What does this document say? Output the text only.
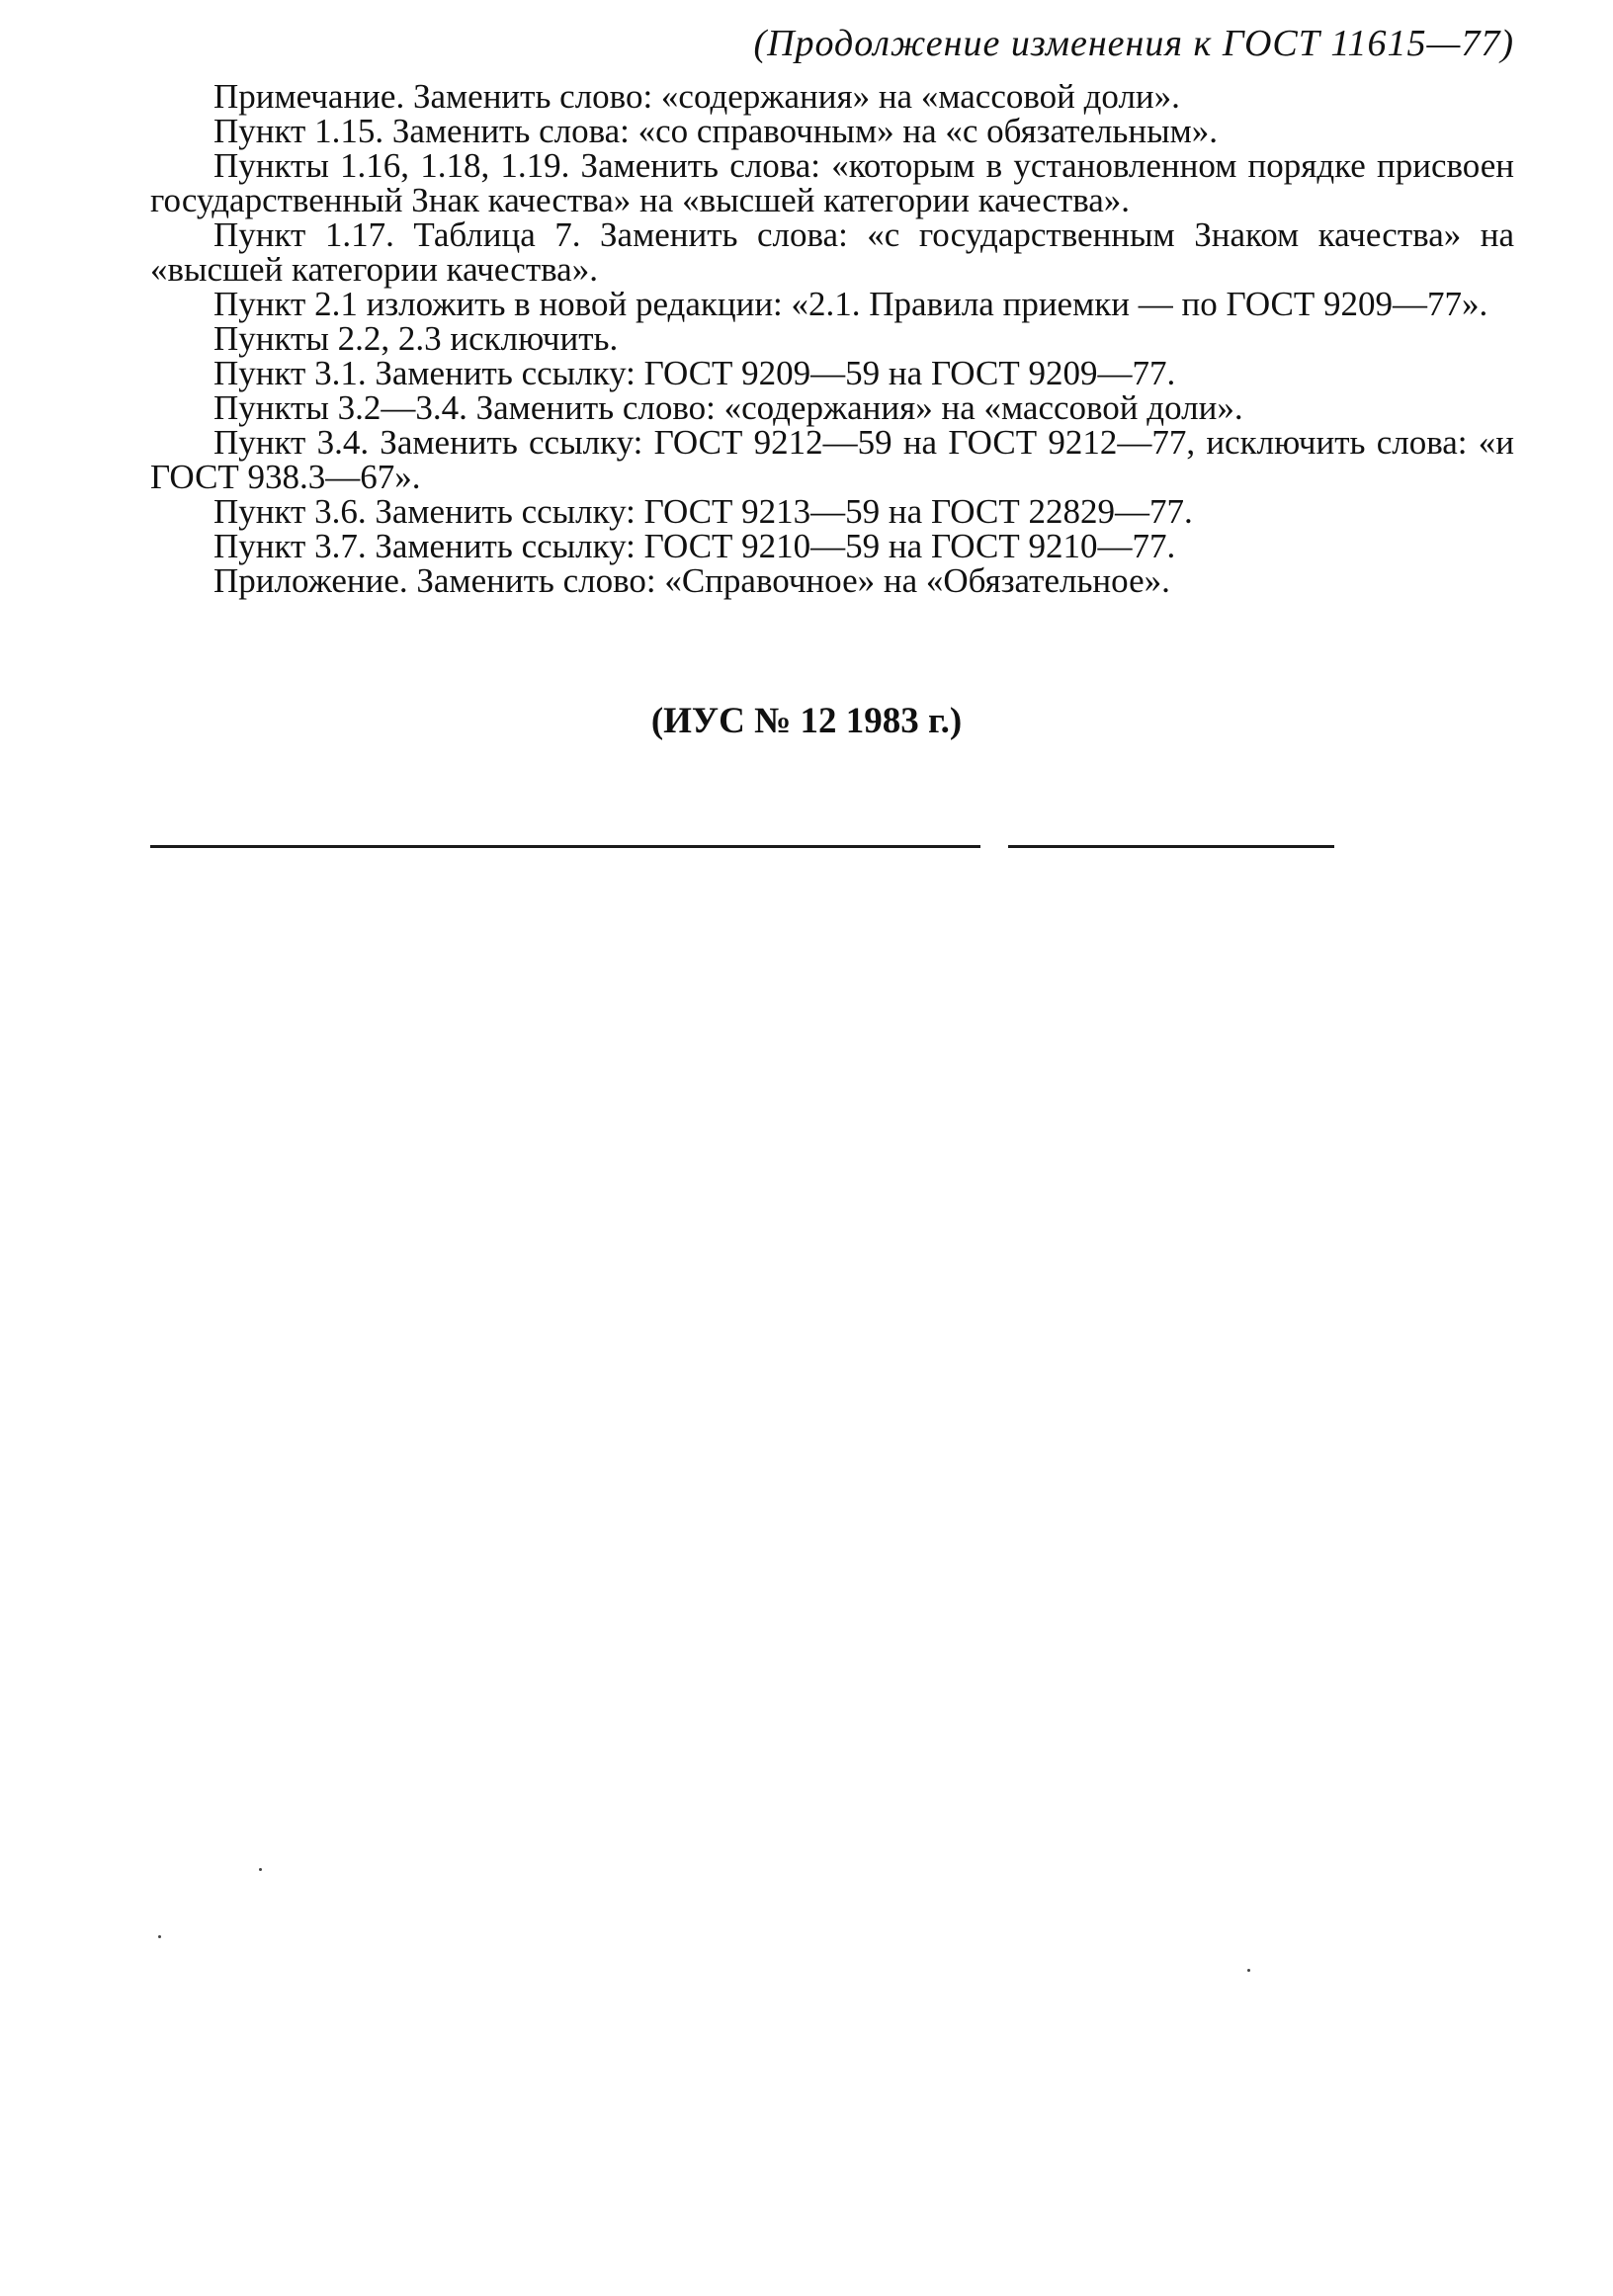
(Продолжение изменения к ГОСТ 11615—77)

Примечание. Заменить слово: «содержания» на «массовой доли».

Пункт 1.15. Заменить слова: «со справочным» на «с обязательным».

Пункты 1.16, 1.18, 1.19. Заменить слова: «которым в установленном порядке присвоен государственный Знак качества» на «высшей категории качества».

Пункт 1.17. Таблица 7. Заменить слова: «с государственным Знаком качества» на «высшей категории качества».

Пункт 2.1 изложить в новой редакции: «2.1. Правила приемки — по ГОСТ 9209—77».

Пункты 2.2, 2.3 исключить.

Пункт 3.1. Заменить ссылку: ГОСТ 9209—59 на ГОСТ 9209—77.

Пункты 3.2—3.4. Заменить слово: «содержания» на «массовой доли».

Пункт 3.4. Заменить ссылку: ГОСТ 9212—59 на ГОСТ 9212—77, исключить слова: «и ГОСТ 938.3—67».

Пункт 3.6. Заменить ссылку: ГОСТ 9213—59 на ГОСТ 22829—77.

Пункт 3.7. Заменить ссылку: ГОСТ 9210—59 на ГОСТ 9210—77.

Приложение. Заменить слово: «Справочное» на «Обязательное».

(ИУС № 12 1983 г.)
